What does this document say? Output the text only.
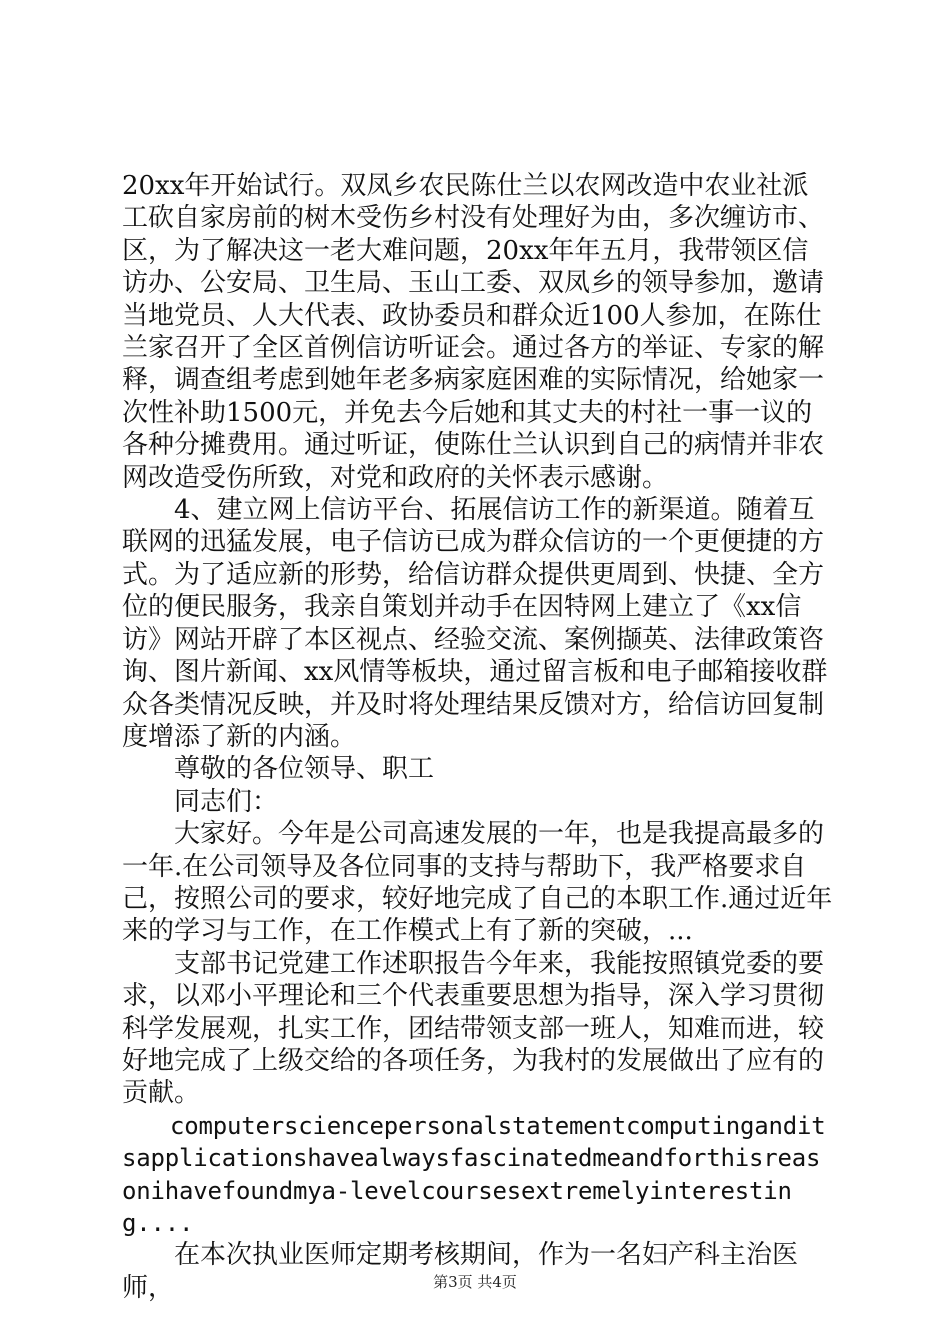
20xx年开始试行。双凤乡农民陈仕兰以农网改造中农业社派工砍自家房前的树木受伤乡村没有处理好为由，多次缠访市、区，为了解决这一老大难问题，20xx年年五月，我带领区信访办、公安局、卫生局、玉山工委、双凤乡的领导参加，邀请当地党员、人大代表、政协委员和群众近100人参加，在陈仕兰家召开了全区首例信访听证会。通过各方的举证、专家的解释，调查组考虑到她年老多病家庭困难的实际情况，给她家一次性补助1500元，并免去今后她和其丈夫的村社一事一议的各种分摊费用。通过听证，使陈仕兰认识到自己的病情并非农网改造受伤所致，对党和政府的关怀表示感谢。

4、建立网上信访平台、拓展信访工作的新渠道。随着互联网的迅猛发展，电子信访已成为群众信访的一个更便捷的方式。为了适应新的形势，给信访群众提供更周到、快捷、全方位的便民服务，我亲自策划并动手在因特网上建立了《xx信访》网站开辟了本区视点、经验交流、案例撷英、法律政策咨询、图片新闻、xx风情等板块，通过留言板和电子邮箱接收群众各类情况反映，并及时将处理结果反馈对方，给信访回复制度增添了新的内涵。

尊敬的各位领导、职工

同志们：

大家好。今年是公司高速发展的一年，也是我提高最多的一年.在公司领导及各位同事的支持与帮助下，我严格要求自己，按照公司的要求，较好地完成了自己的本职工作.通过近年来的学习与工作，在工作模式上有了新的突破，...

支部书记党建工作述职报告今年来，我能按照镇党委的要求，以邓小平理论和三个代表重要思想为指导，深入学习贯彻科学发展观，扎实工作，团结带领支部一班人，知难而进，较好地完成了上级交给的各项任务，为我村的发展做出了应有的贡献。

computersciencepersonalstatementcomputinganditsapplicationshavealwaysfascinatedmeandforthisreasonihavefoundmya-levelcoursesextremelyinteresting....

在本次执业医师定期考核期间，作为一名妇产科主治医师，	第3页 共4页
